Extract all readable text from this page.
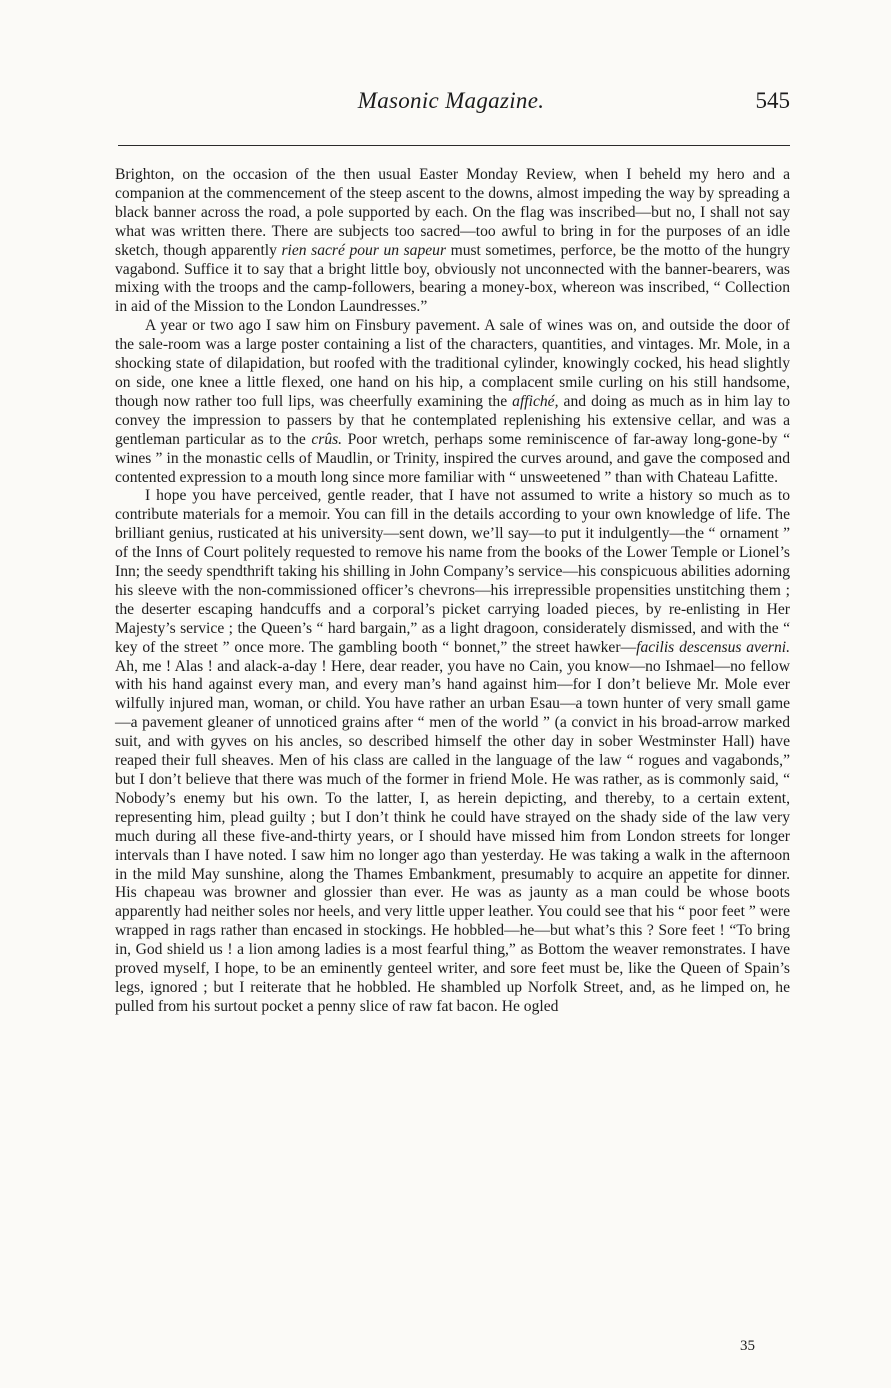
Masonic Magazine.	545

Brighton, on the occasion of the then usual Easter Monday Review, when I beheld my hero and a companion at the commencement of the steep ascent to the downs, almost impeding the way by spreading a black banner across the road, a pole supported by each. On the flag was inscribed—but no, I shall not say what was written there. There are subjects too sacred—too awful to bring in for the purposes of an idle sketch, though apparently rien sacré pour un sapeur must sometimes, perforce, be the motto of the hungry vagabond. Suffice it to say that a bright little boy, obviously not unconnected with the banner-bearers, was mixing with the troops and the camp-followers, bearing a money-box, whereon was inscribed, “ Collection in aid of the Mission to the London Laundresses.”

A year or two ago I saw him on Finsbury pavement. A sale of wines was on, and outside the door of the sale-room was a large poster containing a list of the characters, quantities, and vintages. Mr. Mole, in a shocking state of dilapidation, but roofed with the traditional cylinder, knowingly cocked, his head slightly on side, one knee a little flexed, one hand on his hip, a complacent smile curling on his still handsome, though now rather too full lips, was cheerfully examining the affiché, and doing as much as in him lay to convey the impression to passers by that he contemplated replenishing his extensive cellar, and was a gentleman particular as to the crûs. Poor wretch, perhaps some reminiscence of far-away long-gone-by “ wines ” in the monastic cells of Maudlin, or Trinity, inspired the curves around, and gave the composed and contented expression to a mouth long since more familiar with “ unsweetened ” than with Chateau Lafitte.

I hope you have perceived, gentle reader, that I have not assumed to write a history so much as to contribute materials for a memoir. You can fill in the details according to your own knowledge of life. The brilliant genius, rusticated at his university—sent down, we’ll say—to put it indulgently—the “ ornament ” of the Inns of Court politely requested to remove his name from the books of the Lower Temple or Lionel’s Inn; the seedy spendthrift taking his shilling in John Company’s service—his conspicuous abilities adorning his sleeve with the non-commissioned officer’s chevrons—his irrepressible propensities unstitching them ; the deserter escaping handcuffs and a corporal’s picket carrying loaded pieces, by re-enlisting in Her Majesty’s service ; the Queen’s “ hard bargain,” as a light dragoon, considerately dismissed, and with the “ key of the street ” once more. The gambling booth “ bonnet,” the street hawker—facilis descensus averni. Ah, me ! Alas ! and alack-a-day ! Here, dear reader, you have no Cain, you know—no Ishmael—no fellow with his hand against every man, and every man’s hand against him—for I don’t believe Mr. Mole ever wilfully injured man, woman, or child. You have rather an urban Esau—a town hunter of very small game—a pavement gleaner of unnoticed grains after “ men of the world ” (a convict in his broad-arrow marked suit, and with gyves on his ancles, so described himself the other day in sober Westminster Hall) have reaped their full sheaves. Men of his class are called in the language of the law “ rogues and vagabonds,” but I don’t believe that there was much of the former in friend Mole. He was rather, as is commonly said, “ Nobody’s enemy but his own. To the latter, I, as herein depicting, and thereby, to a certain extent, representing him, plead guilty ; but I don’t think he could have strayed on the shady side of the law very much during all these five-and-thirty years, or I should have missed him from London streets for longer intervals than I have noted. I saw him no longer ago than yesterday. He was taking a walk in the afternoon in the mild May sunshine, along the Thames Embankment, presumably to acquire an appetite for dinner. His chapeau was browner and glossier than ever. He was as jaunty as a man could be whose boots apparently had neither soles nor heels, and very little upper leather. You could see that his “ poor feet ” were wrapped in rags rather than encased in stockings. He hobbled—he—but what’s this ? Sore feet ! “To bring in, God shield us ! a lion among ladies is a most fearful thing,” as Bottom the weaver remonstrates. I have proved myself, I hope, to be an eminently genteel writer, and sore feet must be, like the Queen of Spain’s legs, ignored ; but I reiterate that he hobbled. He shambled up Norfolk Street, and, as he limped on, he pulled from his surtout pocket a penny slice of raw fat bacon. He ogled

35
